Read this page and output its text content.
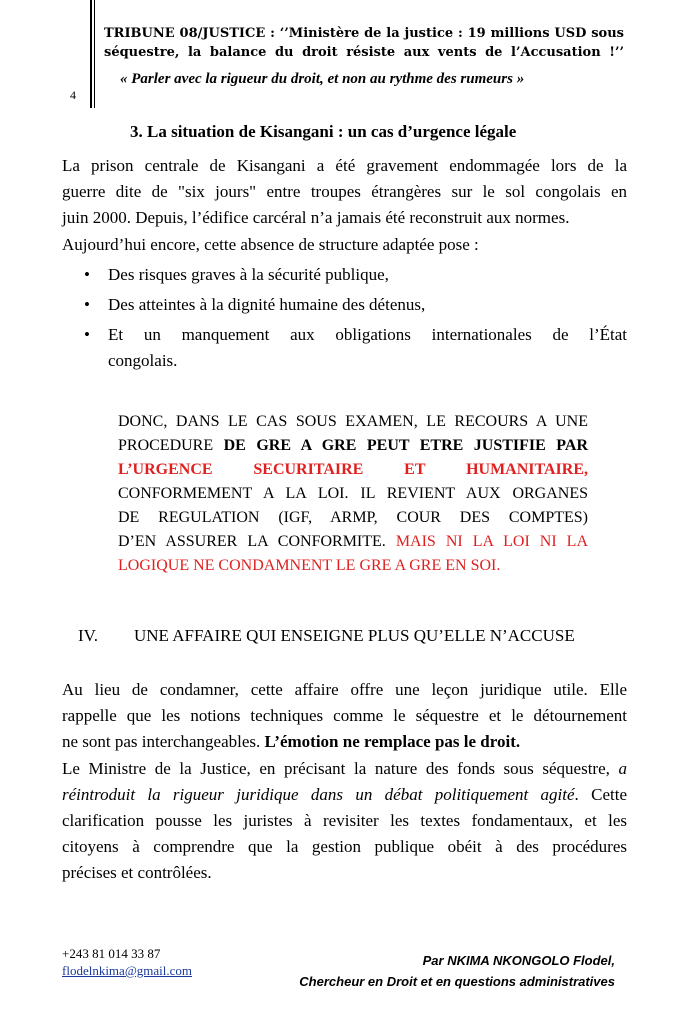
TRIBUNE 08/JUSTICE : ‘’Ministère de la justice : 19 millions USD sous
séquestre, la balance du droit résiste aux vents de l’Accusation !’’
« Parler avec la rigueur du droit, et non au rythme des rumeurs »
4
3. La situation de Kisangani : un cas d’urgence légale
La prison centrale de Kisangani a été gravement endommagée lors de la
guerre dite de "six jours" entre troupes étrangères sur le sol congolais en
juin 2000. Depuis, l’édifice carcéral n’a jamais été reconstruit aux normes.
Aujourd’hui encore, cette absence de structure adaptée pose :
• Des risques graves à la sécurité publique,
• Des atteintes à la dignité humaine des détenus,
• Et un manquement aux obligations internationales de l’État
congolais.
DONC, DANS LE CAS SOUS EXAMEN, LE RECOURS A UNE
PROCEDURE DE GRE A GRE PEUT ETRE JUSTIFIE PAR
L’URGENCE SECURITAIRE ET HUMANITAIRE,
CONFORMEMENT A LA LOI. IL REVIENT AUX ORGANES
DE REGULATION (IGF, ARMP, COUR DES COMPTES)
D’EN ASSURER LA CONFORMITE. MAIS NI LA LOI NI LA
LOGIQUE NE CONDAMNENT LE GRE A GRE EN SOI.
IV. UNE AFFAIRE QUI ENSEIGNE PLUS QU’ELLE N’ACCUSE
Au lieu de condamner, cette affaire offre une leçon juridique utile. Elle
rappelle que les notions techniques comme le séquestre et le détournement
ne sont pas interchangeables. L’émotion ne remplace pas le droit.
Le Ministre de la Justice, en précisant la nature des fonds sous séquestre, a
réintroduit la rigueur juridique dans un débat politiquement agité. Cette
clarification pousse les juristes à revisiter les textes fondamentaux, et les
citoyens à comprendre que la gestion publique obéit à des procédures
précises et contrôlées.
+243 81 014 33 87
flodelnkima@gmail.com
Par NKIMA NKONGOLO Flodel,
Chercheur en Droit et en questions administratives
